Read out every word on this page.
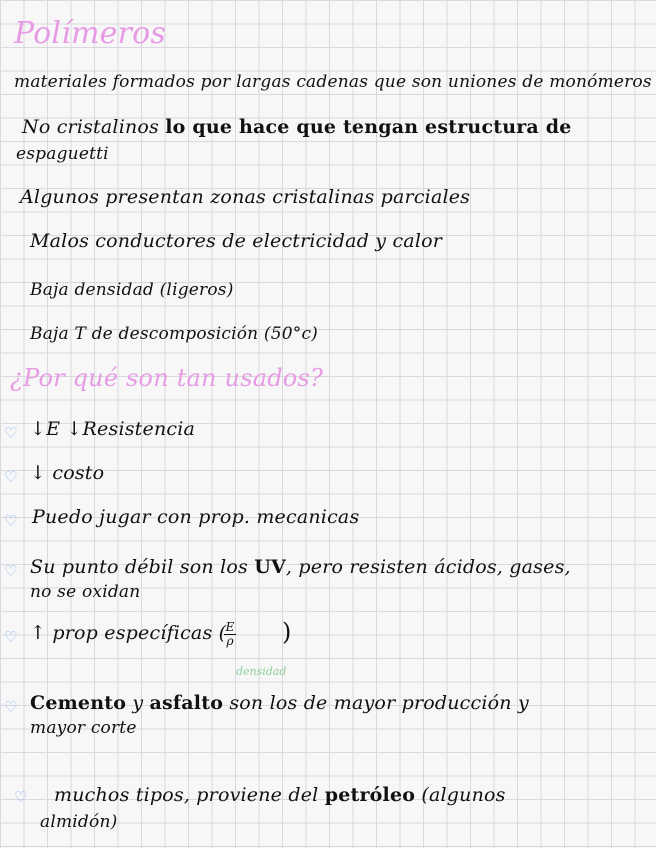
Polímeros
materiales formados por largas cadenas que son uniones de monómeros
No cristalinos lo que hace que tengan estructura de
espaguetti
Algunos presentan zonas cristalinas parciales
Malos conductores de electricidad y calor
Baja densidad (ligeros)
Baja T de descomposición (50°c)
¿Por qué son tan usados?
♡ ↓E ↓Resistencia
♡ ↓ costo
♡ Puedo jugar con prop. mecanicas
♡ Su punto débil son los UV, pero resisten ácidos, gases,
no se oxidan
♡ ↑ prop específicas ( E
ρ )
densidad
♡ Cemento y asfalto son los de mayor producción y
mayor corte
♡ muchos tipos, proviene del petróleo (algunos
almidón)
